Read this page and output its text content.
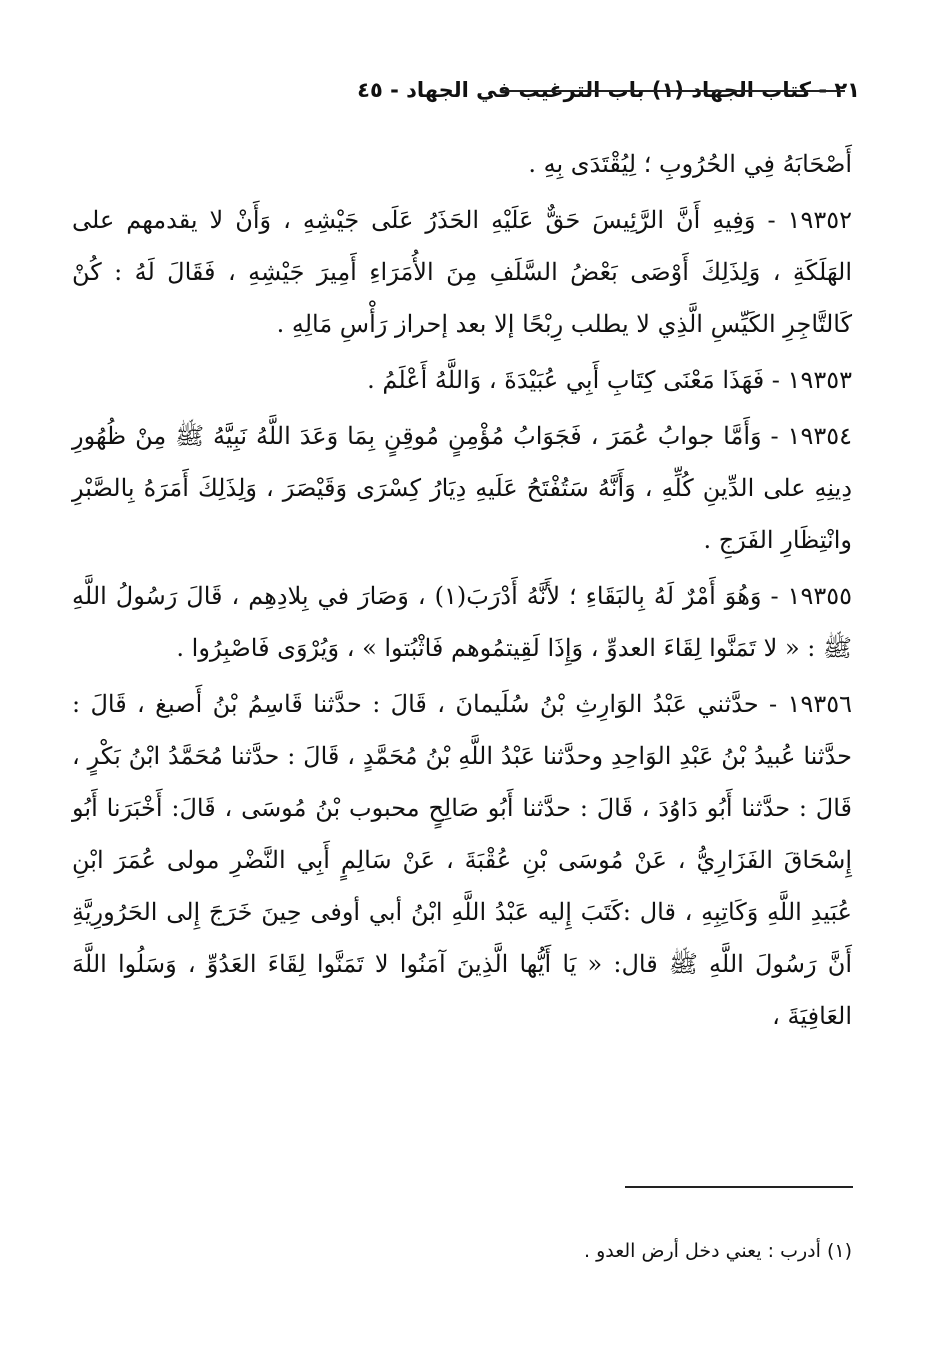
٢١ - كتاب الجهاد (١) باب الترغيب في الجهاد - ٤٥

أَصْحَابَهُ فِي الحُرُوبِ ؛ لِيُقْتَدَى بِهِ .

١٩٣٥٢ - وَفِيهِ أَنَّ الرَّئِيسَ حَقٌّ عَلَيْهِ الحَذَرُ عَلَى جَيْشِهِ ، وَأَنْ لا يقدمهم على الهَلَكَةِ ، وَلِذَلِكَ أَوْصَى بَعْضُ السَّلَفِ مِنَ الأُمَرَاءِ أَمِيرَ جَيْشِهِ ، فَقَالَ لَهُ : كُنْ كَالتَّاجِرِ الكَيِّسِ الَّذِي لا يطلب رِبْحًا إلا بعد إحراز رَأْسِ مَالِهِ .

١٩٣٥٣ - فَهَذَا مَعْنَى كِتَابِ أَبِي عُبَيْدَةَ ، وَاللَّهُ أَعْلَمُ .

١٩٣٥٤ - وَأَمَّا جوابُ عُمَرَ ، فَجَوَابُ مُؤْمِنٍ مُوقِنٍ بِمَا وَعَدَ اللَّهُ نَبِيَّهُ ﷺ مِنْ ظُهُورِ دِينِهِ على الدِّينِ كُلِّهِ ، وَأَنَّهُ سَتُفْتَحُ عَلَيهِ دِيَارُ كِسْرَى وَقَيْصَرَ ، وَلِذَلِكَ أَمَرَهُ بِالصَّبْرِ وانْتِظَارِ الفَرَجِ .

١٩٣٥٥ - وَهُوَ أَمْرٌ لَهُ بِالبَقَاءِ ؛ لأَنَّهُ أَدْرَبَ(١) ، وَصَارَ في بِلادِهِم ، قَالَ رَسُولُ اللَّهِ ﷺ : « لا تَمَنَّوا لِقَاءَ العدوِّ ، وَإِذَا لَقِيتمُوهم فَاثْبُتوا » ، وَيُرْوَى فَاصْبِرُوا .

١٩٣٥٦ - حدَّثني عَبْدُ الوَارِثِ بْنُ سُلَيمانَ ، قَالَ : حدَّثنا قَاسِمُ بْنُ أَصبغ ، قَالَ : حدَّثنا عُبيدُ بْنُ عَبْدِ الوَاحِدِ وحدَّثنا عَبْدُ اللَّهِ بْنُ مُحَمَّدٍ ، قَالَ : حدَّثنا مُحَمَّدُ ابْنُ بَكْرٍ ، قَالَ : حدَّثنا أَبُو دَاوُدَ ، قَالَ : حدَّثنا أَبُو صَالِحٍ محبوب بْنُ مُوسَى ، قَالَ: أَخْبَرَنا أَبُو إِسْحَاقَ الفَزَارِيُّ ، عَنْ مُوسَى بْنِ عُقْبَةَ ، عَنْ سَالِمٍ أَبِي النَّضْرِ مولى عُمَرَ ابْنِ عُبَيدِ اللَّهِ وَكَاتِبِهِ ، قال :كَتَبَ إِليه عَبْدُ اللَّهِ ابْنُ أبي أوفى حِينَ خَرَجَ إِلى الحَرُورِيَّةِ أَنَّ رَسُولَ اللَّهِ ﷺ قال: « يَا أَيُّها الَّذِينَ آمَنُوا لا تَمَنَّوا لِقَاءَ العَدُوِّ ، وَسَلُوا اللَّهَ العَافِيَةَ ،

(١) أدرب : يعني دخل أرض العدو .
